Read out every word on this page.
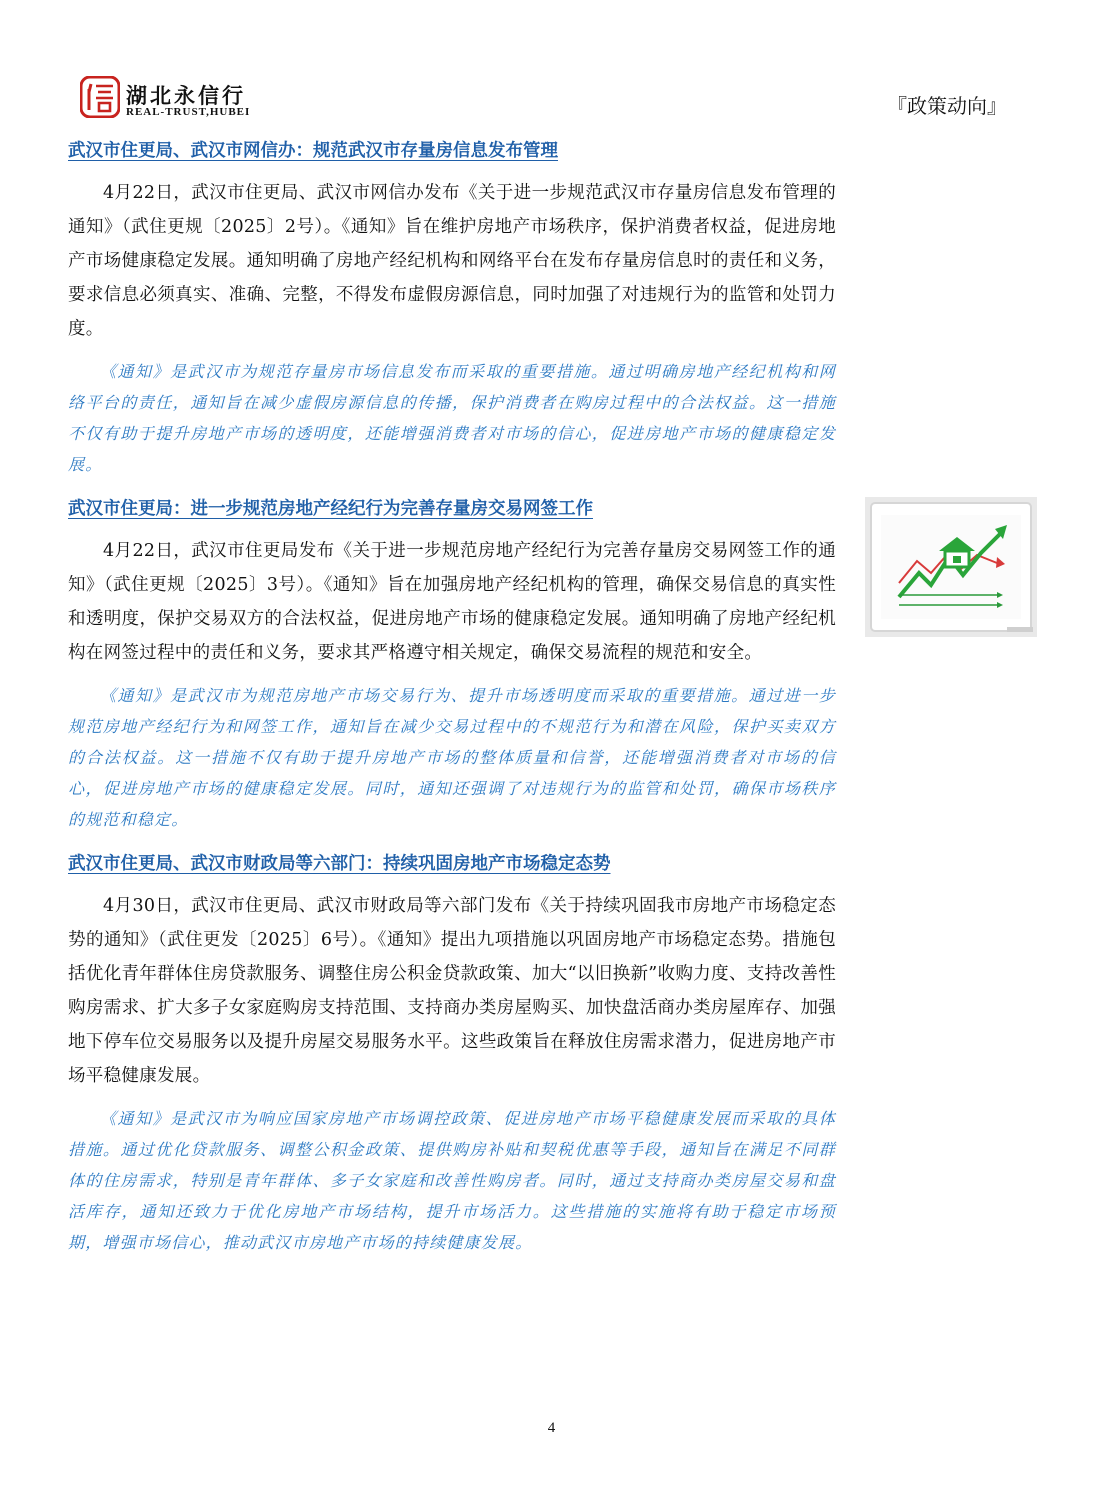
湖北永信行
REAL-TRUST,HUBEI	『政策动向』

武汉市住更局、武汉市网信办：规范武汉市存量房信息发布管理

4月22日，武汉市住更局、武汉市网信办发布《关于进一步规范武汉市存量房信息发布管理的通知》（武住更规〔2025〕2号）。《通知》旨在维护房地产市场秩序，保护消费者权益，促进房地产市场健康稳定发展。通知明确了房地产经纪机构和网络平台在发布存量房信息时的责任和义务，要求信息必须真实、准确、完整，不得发布虚假房源信息，同时加强了对违规行为的监管和处罚力度。

《通知》是武汉市为规范存量房市场信息发布而采取的重要措施。通过明确房地产经纪机构和网络平台的责任，通知旨在减少虚假房源信息的传播，保护消费者在购房过程中的合法权益。这一措施不仅有助于提升房地产市场的透明度，还能增强消费者对市场的信心，促进房地产市场的健康稳定发展。

武汉市住更局：进一步规范房地产经纪行为完善存量房交易网签工作

4月22日，武汉市住更局发布《关于进一步规范房地产经纪行为完善存量房交易网签工作的通知》（武住更规〔2025〕3号）。《通知》旨在加强房地产经纪机构的管理，确保交易信息的真实性和透明度，保护交易双方的合法权益，促进房地产市场的健康稳定发展。通知明确了房地产经纪机构在网签过程中的责任和义务，要求其严格遵守相关规定，确保交易流程的规范和安全。

《通知》是武汉市为规范房地产市场交易行为、提升市场透明度而采取的重要措施。通过进一步规范房地产经纪行为和网签工作，通知旨在减少交易过程中的不规范行为和潜在风险，保护买卖双方的合法权益。这一措施不仅有助于提升房地产市场的整体质量和信誉，还能增强消费者对市场的信心，促进房地产市场的健康稳定发展。同时，通知还强调了对违规行为的监管和处罚，确保市场秩序的规范和稳定。

武汉市住更局、武汉市财政局等六部门：持续巩固房地产市场稳定态势

4月30日，武汉市住更局、武汉市财政局等六部门发布《关于持续巩固我市房地产市场稳定态势的通知》（武住更发〔2025〕6号）。《通知》提出九项措施以巩固房地产市场稳定态势。措施包括优化青年群体住房贷款服务、调整住房公积金贷款政策、加大“以旧换新”收购力度、支持改善性购房需求、扩大多子女家庭购房支持范围、支持商办类房屋购买、加快盘活商办类房屋库存、加强地下停车位交易服务以及提升房屋交易服务水平。这些政策旨在释放住房需求潜力，促进房地产市场平稳健康发展。

《通知》是武汉市为响应国家房地产市场调控政策、促进房地产市场平稳健康发展而采取的具体措施。通过优化贷款服务、调整公积金政策、提供购房补贴和契税优惠等手段，通知旨在满足不同群体的住房需求，特别是青年群体、多子女家庭和改善性购房者。同时，通过支持商办类房屋交易和盘活库存，通知还致力于优化房地产市场结构，提升市场活力。这些措施的实施将有助于稳定市场预期，增强市场信心，推动武汉市房地产市场的持续健康发展。

4
